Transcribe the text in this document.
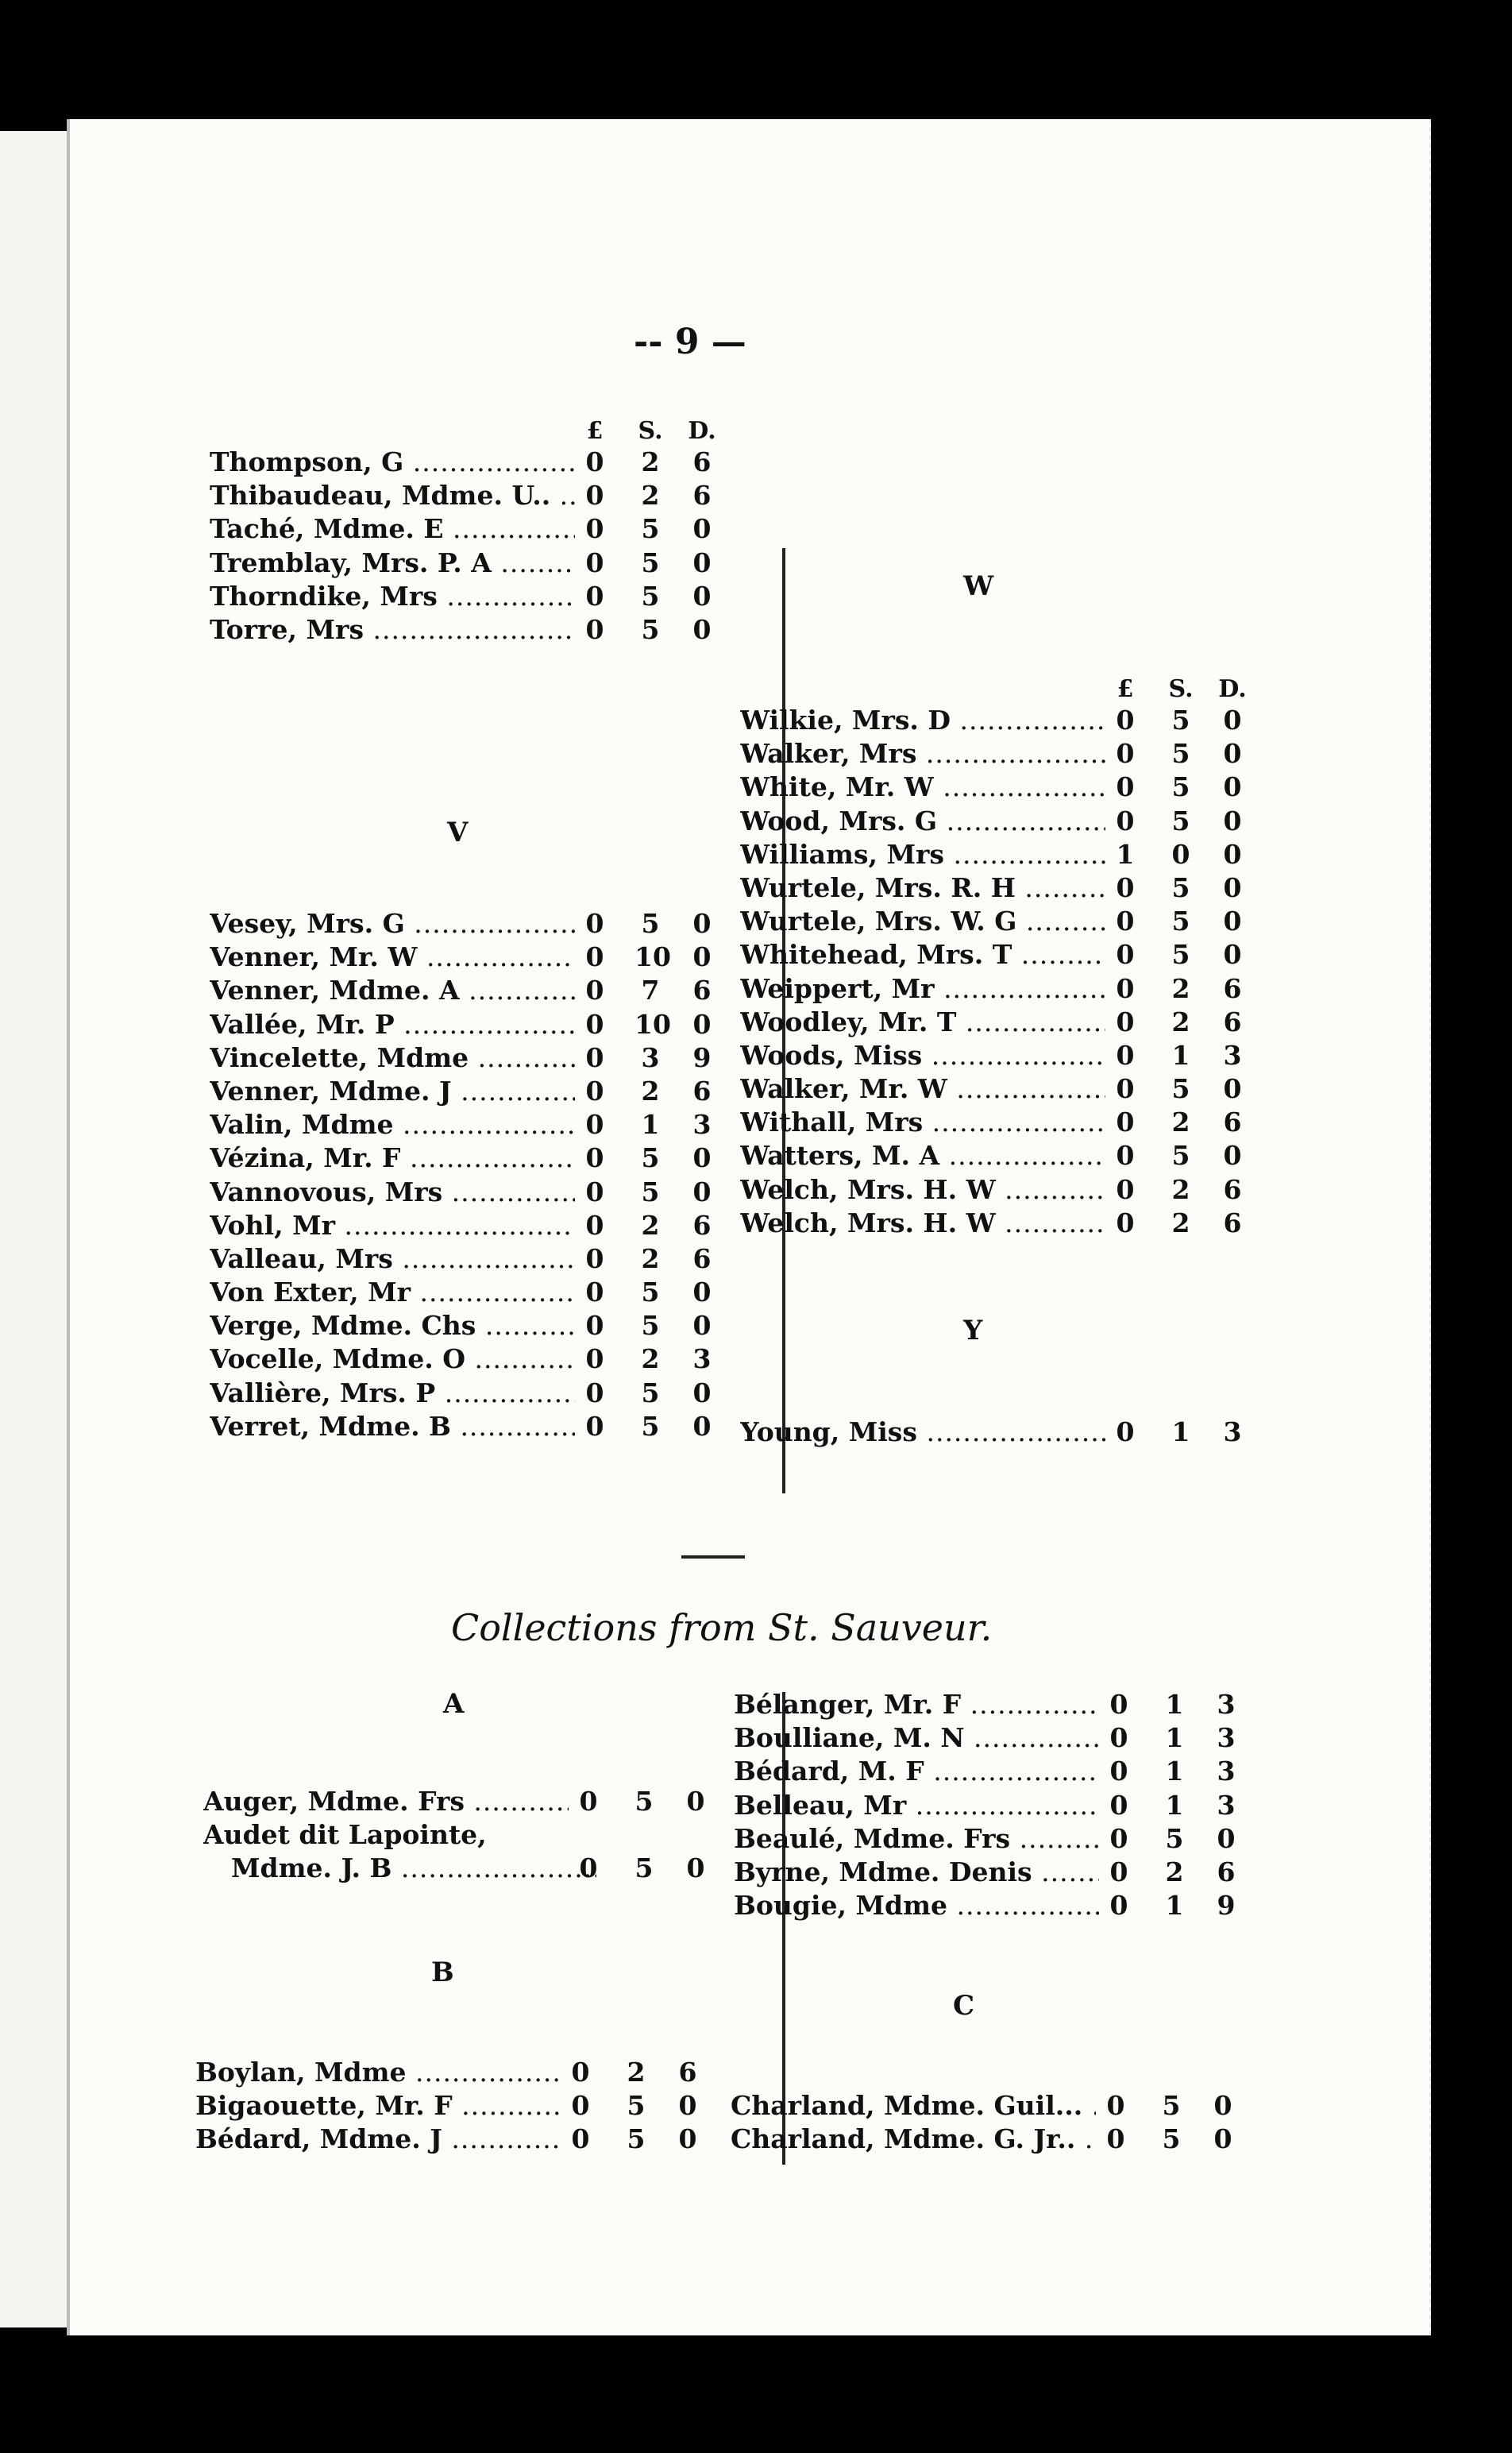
-- 9 —
£	S. D.
Thompson, G .....	0 2 6
Thibaudeau, Mdme. U.. .....	0 2 6
Taché, Mdme. E .....	0 5 0
Tremblay, Mrs. P. A .....	0 5 0
Thorndike, Mrs .....	0 5 0
Torre, Mrs .....	0 5 0
V
Vesey, Mrs. G .....	0 5 0
Venner, Mr. W .....	0 10 0
Venner, Mdme. A .....	0 7 6
Vallée, Mr. P .....	0 10 0
Vincelette, Mdme .....	0 3 9
Venner, Mdme. J .....	0 2 6
Valin, Mdme .....	0 1 3
Vézina, Mr. F .....	0 5 0
Vannovous, Mrs .....	0 5 0
Vohl, Mr .....	0 2 6
Valleau, Mrs .....	0 2 6
Von Exter, Mr .....	0 5 0
Verge, Mdme. Chs .....	0 5 0
Vocelle, Mdme. O .....	0 2 3
Vallière, Mrs. P .....	0 5 0
Verret, Mdme. B .....	0 5 0
W
£	S. D.
Wilkie, Mrs. D .....	0 5 0
Walker, Mrs .....	0 5 0
White, Mr. W .....	0 5 0
Wood, Mrs. G .....	0 5 0
Williams, Mrs .....	1 0 0
Wurtele, Mrs. R. H .....	0 5 0
Wurtele, Mrs. W. G .....	0 5 0
Whitehead, Mrs. T .....	0 5 0
Weippert, Mr .....	0 2 6
Woodley, Mr. T .....	0 2 6
Woods, Miss .....	0 1 3
Walker, Mr. W .....	0 5 0
Withall, Mrs .....	0 2 6
Watters, M. A .....	0 5 0
Welch, Mrs. H. W .....	0 2 6
Welch, Mrs. H. W .....	0 2 6
Y
Young, Miss .....	0 1 3
Collections from St. Sauveur.
A
Auger, Mdme. Frs .....	0 5 0
Audet dit Lapointe,
Mdme. J. B .....	0 5 0
B
Boylan, Mdme .....	0 2 6
Bigaouette, Mr. F .....	0 5 0
Bédard, Mdme. J .....	0 5 0
Bélanger, Mr. F .....	0 1 3
Boulliane, M. N .....	0 1 3
Bédard, M. F .....	0 1 3
Belleau, Mr .....	0 1 3
Beaulé, Mdme. Frs .....	0 5 0
Byrne, Mdme. Denis .....	0 2 6
Bougie, Mdme .....	0 1 9
C
Charland, Mdme. Guil... ..... 0 5 0
Charland, Mdme. G. Jr.. .....	0 5 0
